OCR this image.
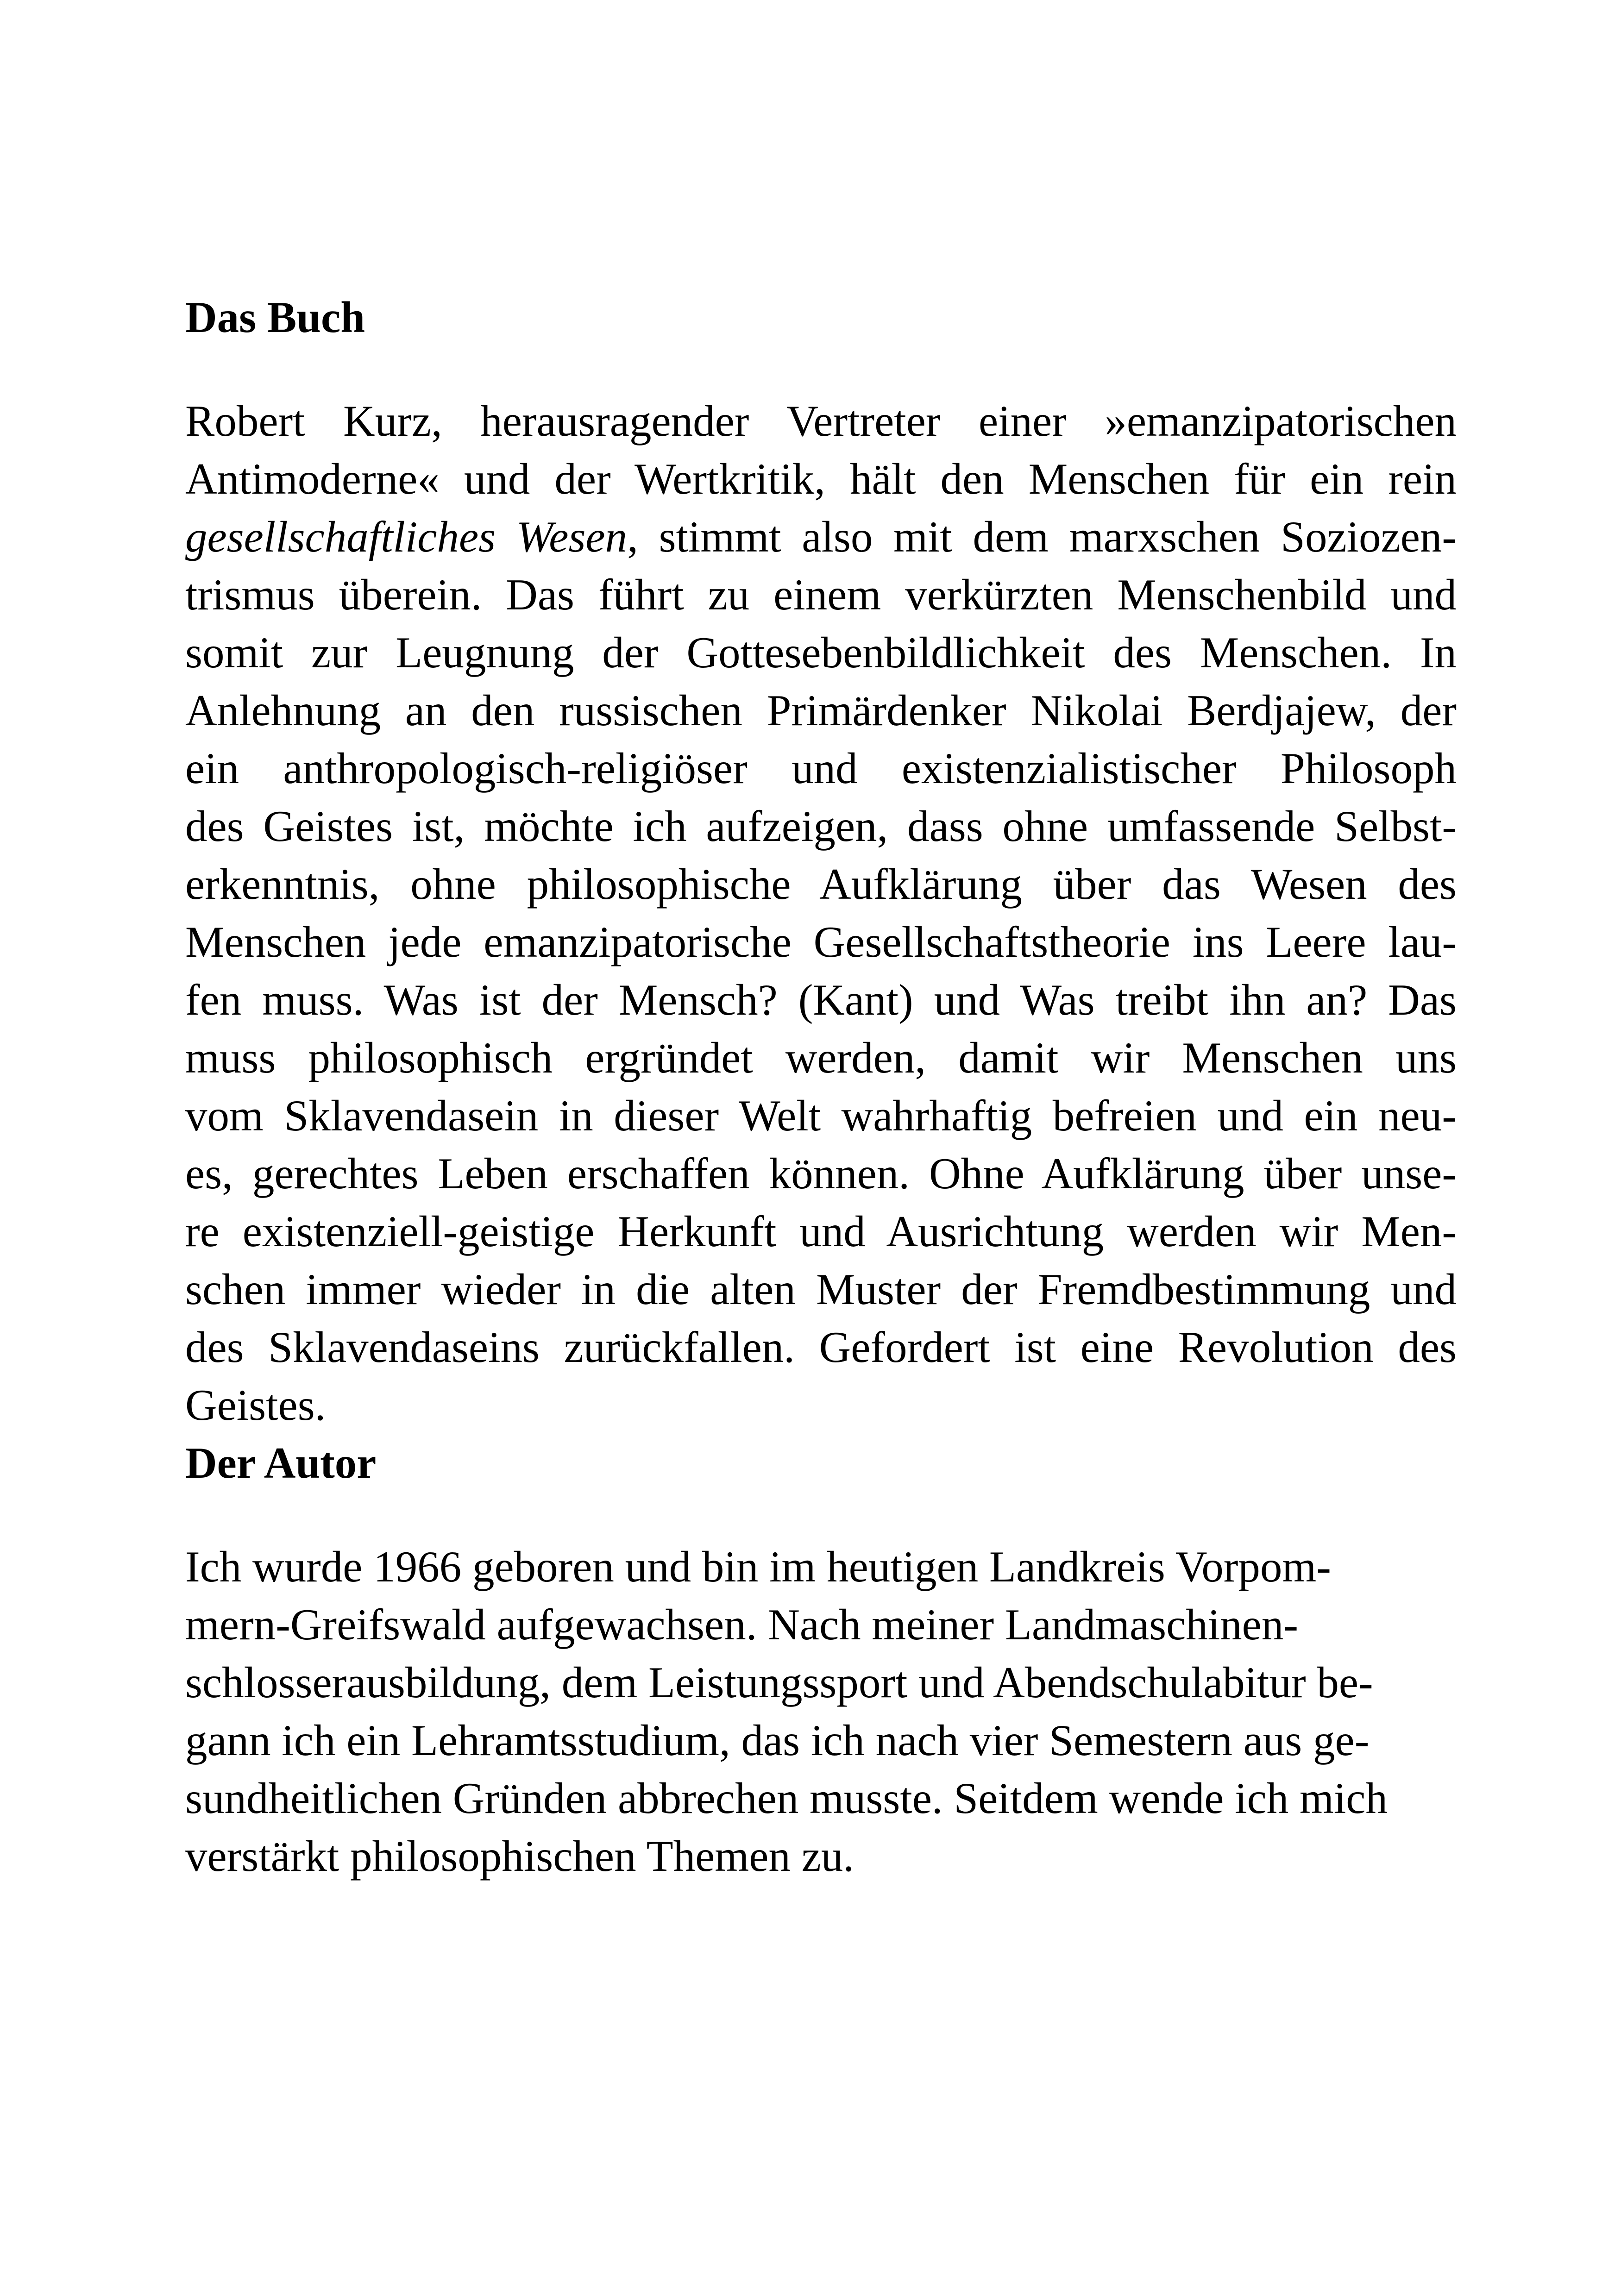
Das Buch
Robert Kurz, herausragender Vertreter einer »emanzipatorischen
Antimoderne« und der Wertkritik, hält den Menschen für ein rein
gesellschaftliches Wesen, stimmt also mit dem marxschen Soziozen-
trismus überein. Das führt zu einem verkürzten Menschenbild und
somit zur Leugnung der Gottesebenbildlichkeit des Menschen. In
Anlehnung an den russischen Primärdenker Nikolai Berdjajew, der
ein anthropologisch-religiöser und existenzialistischer Philosoph
des Geistes ist, möchte ich aufzeigen, dass ohne umfassende Selbst-
erkenntnis, ohne philosophische Aufklärung über das Wesen des
Menschen jede emanzipatorische Gesellschaftstheorie ins Leere lau-
fen muss. Was ist der Mensch? (Kant) und Was treibt ihn an? Das
muss philosophisch ergründet werden, damit wir Menschen uns
vom Sklavendasein in dieser Welt wahrhaftig befreien und ein neu-
es, gerechtes Leben erschaffen können. Ohne Aufklärung über unse-
re existenziell-geistige Herkunft und Ausrichtung werden wir Men-
schen immer wieder in die alten Muster der Fremdbestimmung und
des Sklavendaseins zurückfallen. Gefordert ist eine Revolution des
Geistes.
Der Autor
Ich wurde 1966 geboren und bin im heutigen Landkreis Vorpom-
mern-Greifswald aufgewachsen. Nach meiner Landmaschinen-
schlosserausbildung, dem Leistungssport und Abendschulabitur be-
gann ich ein Lehramtsstudium, das ich nach vier Semestern aus ge-
sundheitlichen Gründen abbrechen musste. Seitdem wende ich mich
verstärkt philosophischen Themen zu.
